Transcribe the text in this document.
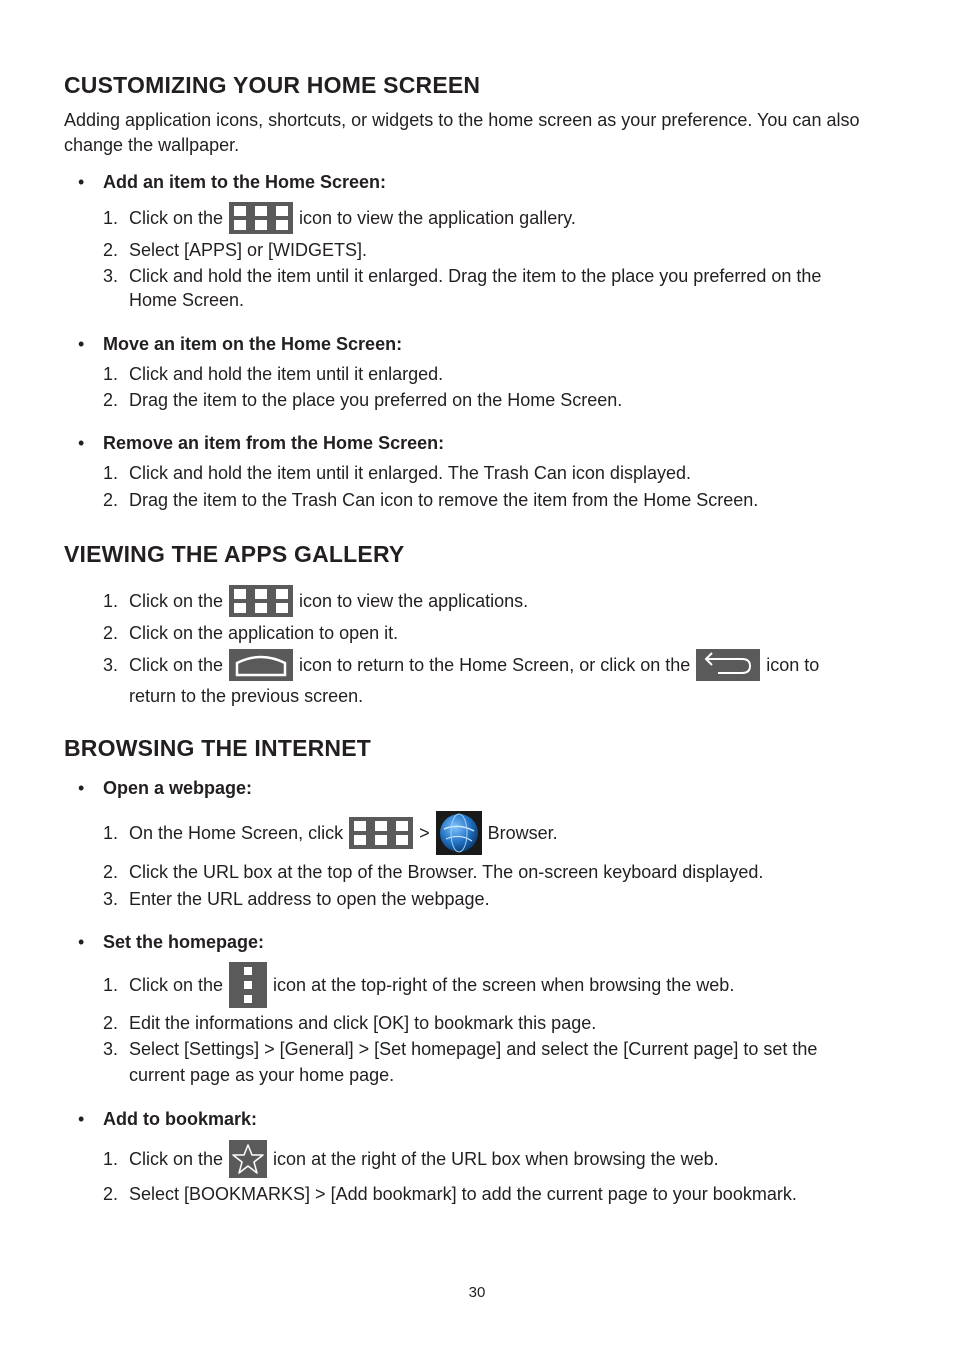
CUSTOMIZING YOUR HOME SCREEN

Adding application icons, shortcuts, or widgets to the home screen as your preference. You can also change the wallpaper.

• Add an item to the Home Screen:
1. Click on the	icon to view the application gallery.
2. Select [APPS] or [WIDGETS].
3. Click and hold the item until it enlarged. Drag the item to the place you preferred on the
Home Screen.
• Move an item on the Home Screen:
1. Click and hold the item until it enlarged.
2. Drag the item to the place you preferred on the Home Screen.
• Remove an item from the Home Screen:
1. Click and hold the item until it enlarged. The Trash Can icon displayed.
2. Drag the item to the Trash Can icon to remove the item from the Home Screen.
VIEWING THE APPS GALLERY
1. Click on the	icon to view the applications.
2. Click on the application to open it.
3. Click on the	icon to return to the Home Screen, or click on the	icon to
return to the previous screen.
BROWSING THE INTERNET
• Open a webpage:
1. On the Home Screen, click	>	Browser.
2. Click the URL box at the top of the Browser. The on-screen keyboard displayed.
3. Enter the URL address to open the webpage.
• Set the homepage:
1. Click on the	icon at the top-right of the screen when browsing the web.
2. Edit the informations and click [OK] to bookmark this page.
3. Select [Settings] > [General] > [Set homepage] and select the [Current page] to set the
current page as your home page.
• Add to bookmark:
1. Click on the	icon at the right of the URL box when browsing the web.
2. Select [BOOKMARKS] > [Add bookmark] to add the current page to your bookmark.
30
